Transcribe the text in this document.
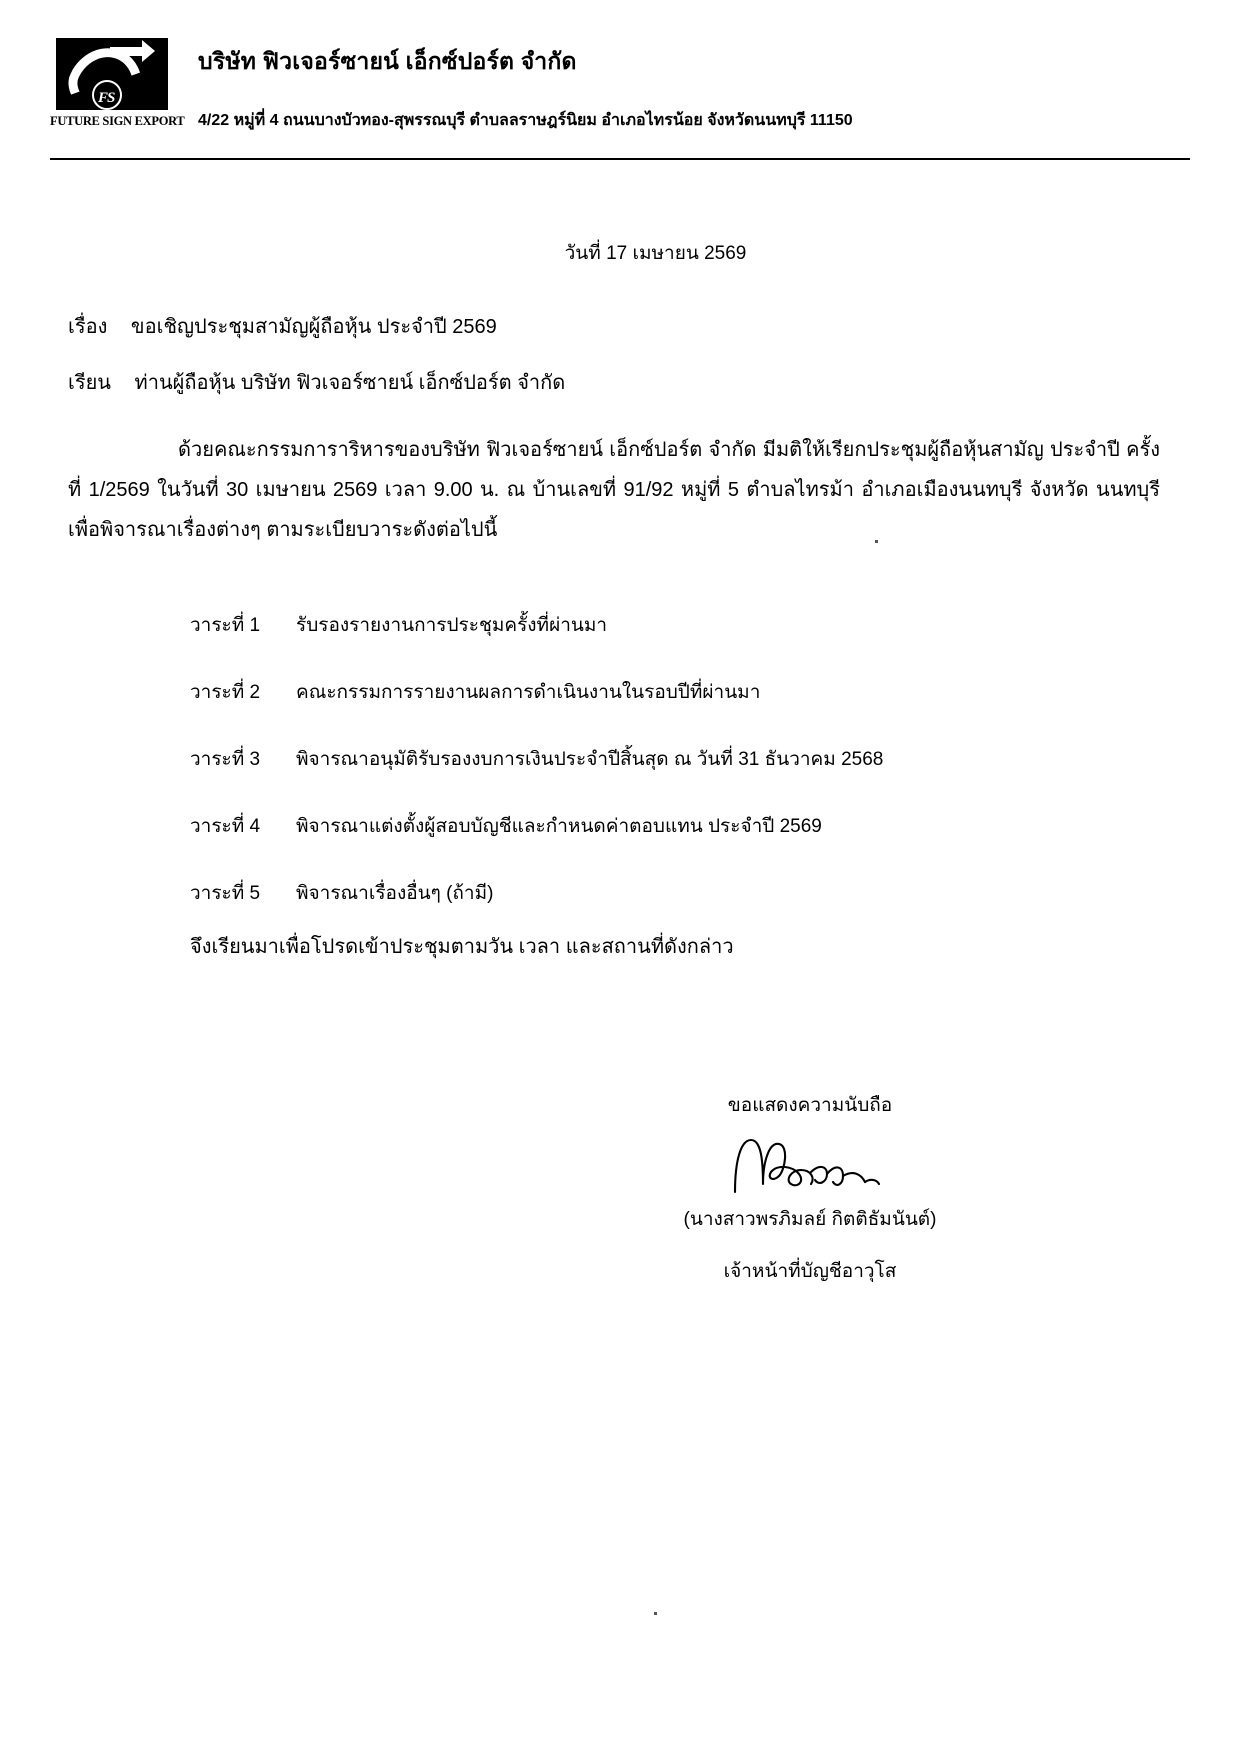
FS
FUTURE SIGN EXPORT
บริษัท ฟิวเจอร์ซายน์ เอ็กซ์ปอร์ต จำกัด
4/22 หมู่ที่ 4 ถนนบางบัวทอง-สุพรรณบุรี ตำบลลราษฎร์นิยม อำเภอไทรน้อย จังหวัดนนทบุรี 11150
วันที่ 17 เมษายน 2569
เรื่อง ขอเชิญประชุมสามัญผู้ถือหุ้น ประจำปี 2569
เรียน ท่านผู้ถือหุ้น บริษัท ฟิวเจอร์ซายน์ เอ็กซ์ปอร์ต จำกัด
ด้วยคณะกรรมการาริหารของบริษัท ฟิวเจอร์ซายน์ เอ็กซ์ปอร์ต จำกัด มีมติให้เรียกประชุมผู้ถือหุ้นสามัญ ประจำปี ครั้งที่ 1/2569 ในวันที่ 30 เมษายน 2569 เวลา 9.00 น. ณ บ้านเลขที่ 91/92 หมู่ที่ 5 ตำบลไทรม้า อำเภอเมืองนนทบุรี จังหวัด นนทบุรี เพื่อพิจารณาเรื่องต่างๆ ตามระเบียบวาระดังต่อไปนี้
วาระที่ 1 รับรองรายงานการประชุมครั้งที่ผ่านมา
วาระที่ 2 คณะกรรมการรายงานผลการดำเนินงานในรอบปีที่ผ่านมา
วาระที่ 3 พิจารณาอนุมัติรับรองงบการเงินประจำปีสิ้นสุด ณ วันที่ 31 ธันวาคม 2568
วาระที่ 4 พิจารณาแต่งตั้งผู้สอบบัญชีและกำหนดค่าตอบแทน ประจำปี 2569
วาระที่ 5 พิจารณาเรื่องอื่นๆ (ถ้ามี)
จึงเรียนมาเพื่อโปรดเข้าประชุมตามวัน เวลา และสถานที่ดังกล่าว
ขอแสดงความนับถือ
(นางสาวพรภิมลย์ กิตติธัมนันต์)
เจ้าหน้าที่บัญชีอาวุโส
